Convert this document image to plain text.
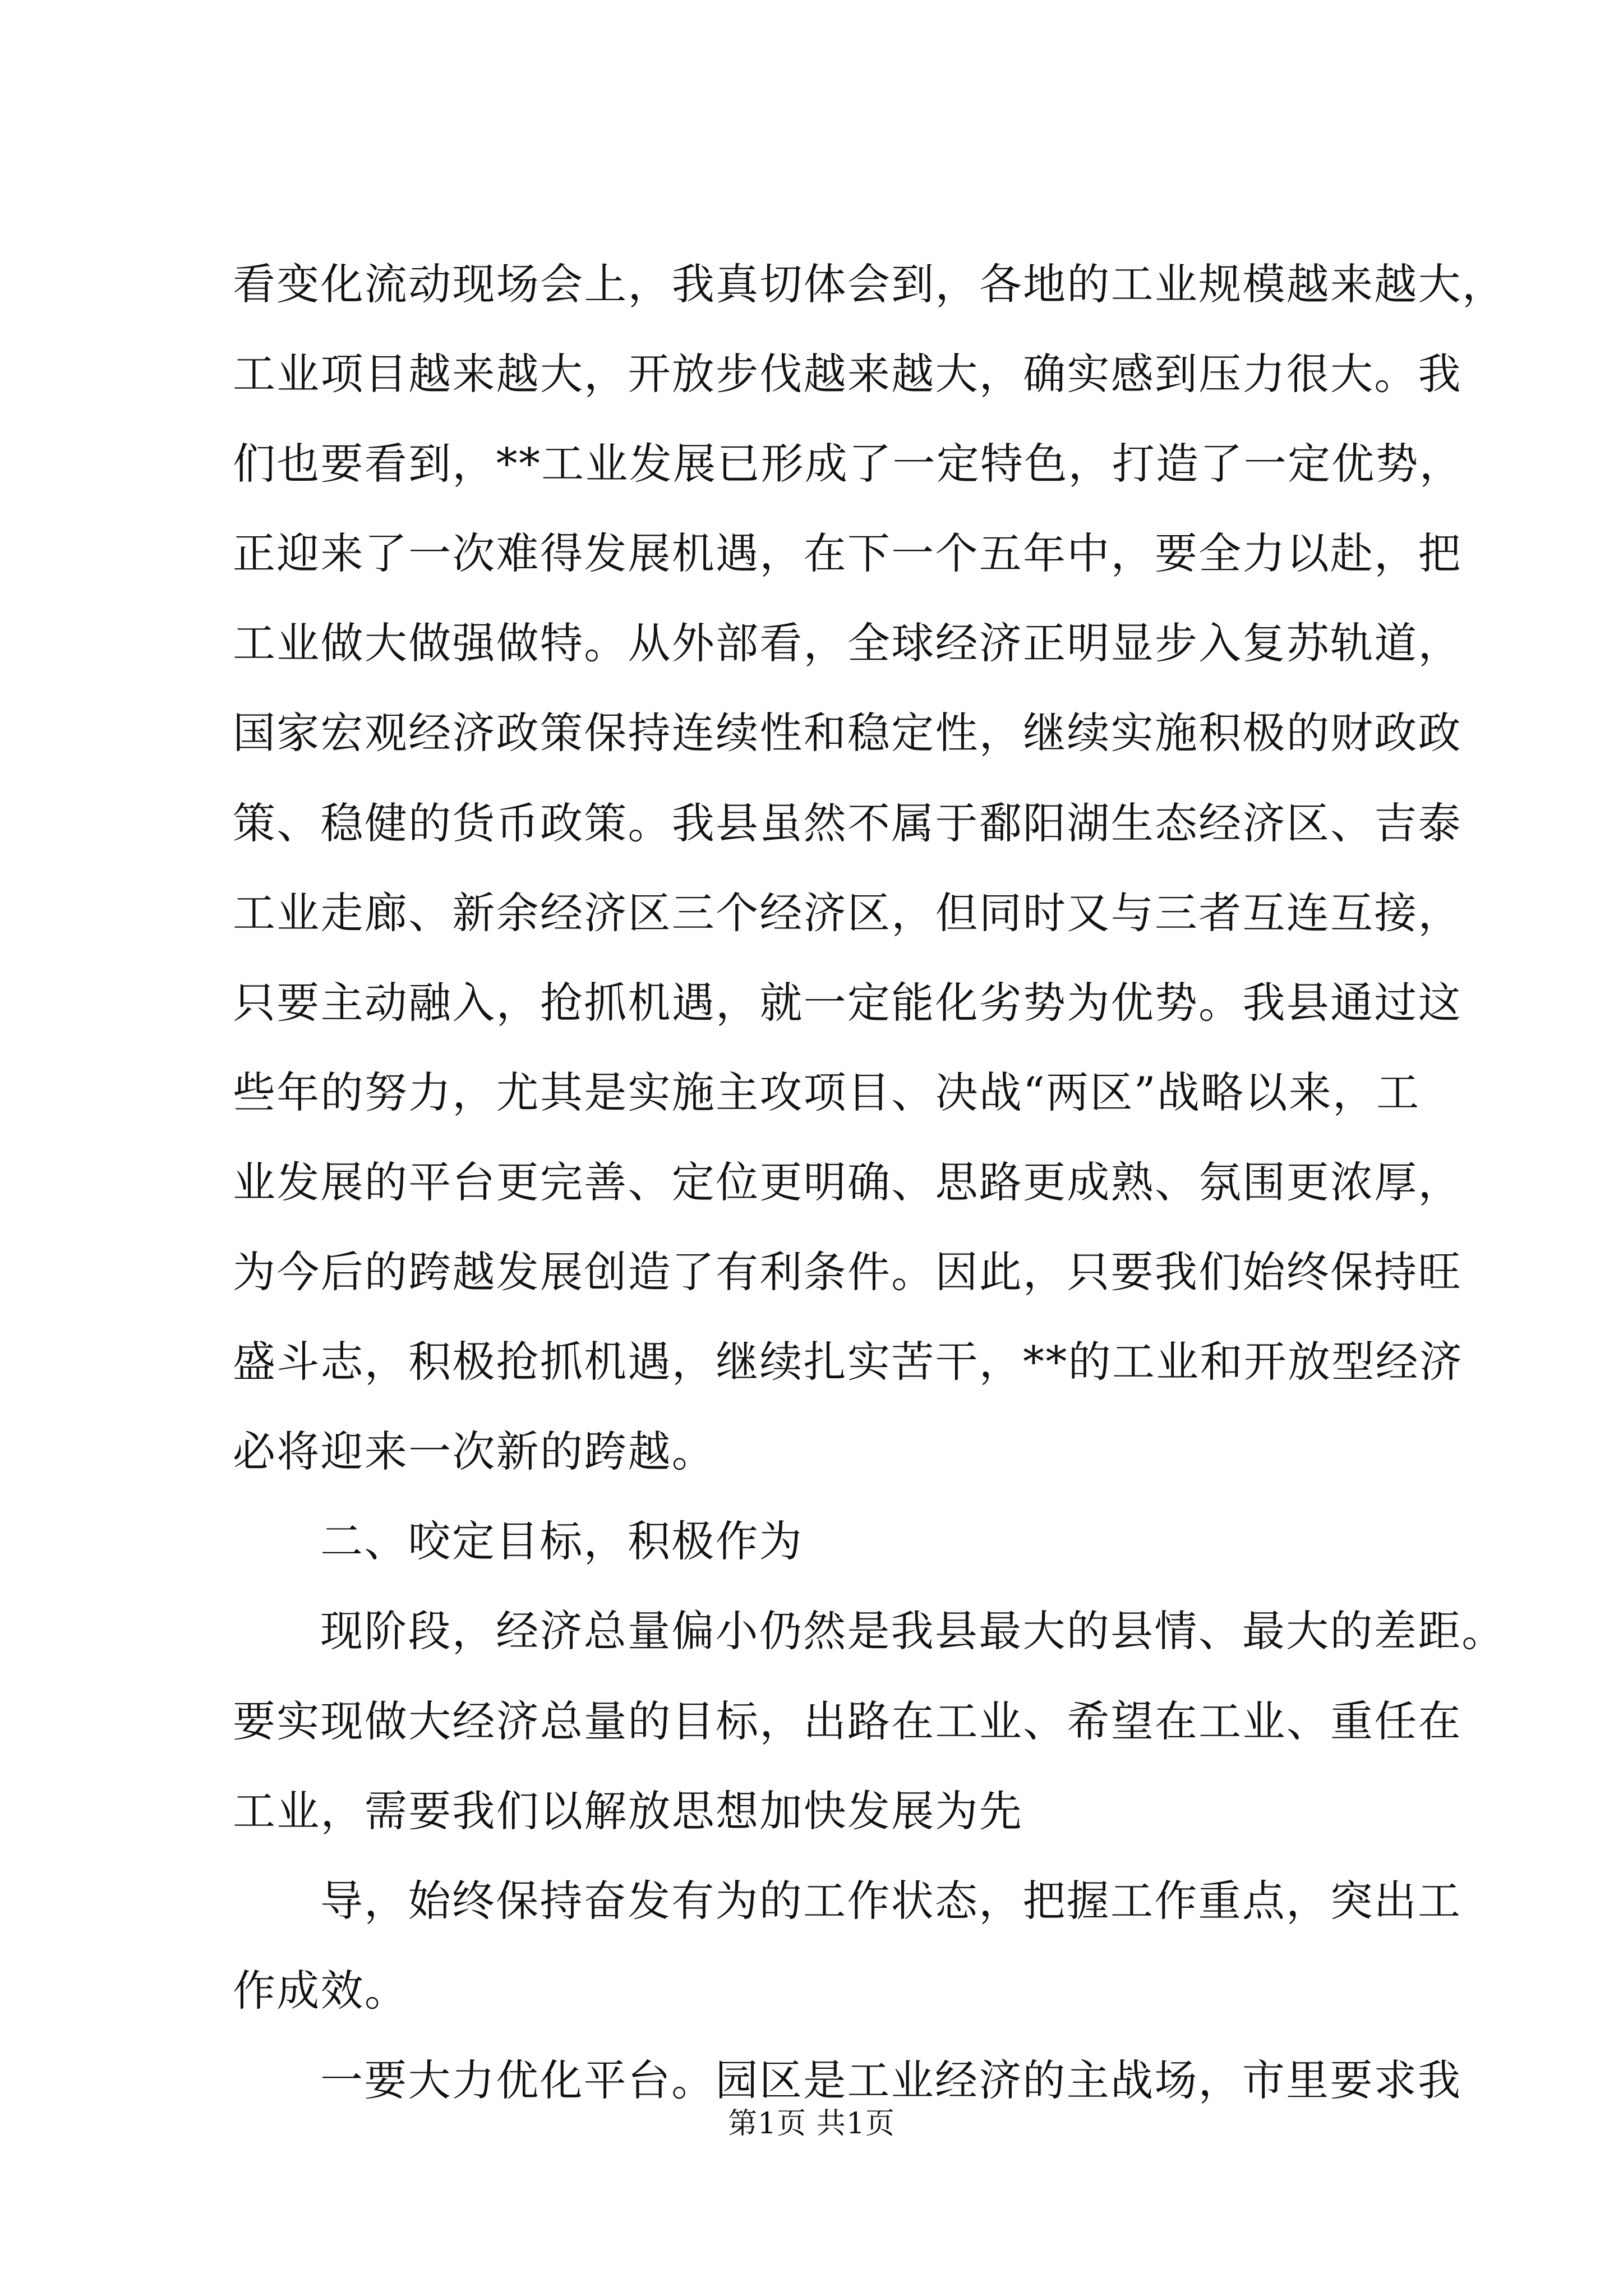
看变化流动现场会上，我真切体会到，各地的工业规模越来越大，

工业项目越来越大，开放步伐越来越大，确实感到压力很大。我

们也要看到，**工业发展已形成了一定特色，打造了一定优势，

正迎来了一次难得发展机遇，在下一个五年中，要全力以赴，把

工业做大做强做特。从外部看，全球经济正明显步入复苏轨道，

国家宏观经济政策保持连续性和稳定性，继续实施积极的财政政

策、稳健的货币政策。我县虽然不属于鄱阳湖生态经济区、吉泰

工业走廊、新余经济区三个经济区，但同时又与三者互连互接，

只要主动融入，抢抓机遇，就一定能化劣势为优势。我县通过这

些年的努力，尤其是实施主攻项目、决战“两区”战略以来，工

业发展的平台更完善、定位更明确、思路更成熟、氛围更浓厚，

为今后的跨越发展创造了有利条件。因此，只要我们始终保持旺

盛斗志，积极抢抓机遇，继续扎实苦干，**的工业和开放型经济

必将迎来一次新的跨越。

二、咬定目标，积极作为

现阶段，经济总量偏小仍然是我县最大的县情、最大的差距。

要实现做大经济总量的目标，出路在工业、希望在工业、重任在

工业，需要我们以解放思想加快发展为先

导，始终保持奋发有为的工作状态，把握工作重点，突出工

作成效。

一要大力优化平台。园区是工业经济的主战场，市里要求我

第1页 共1页
